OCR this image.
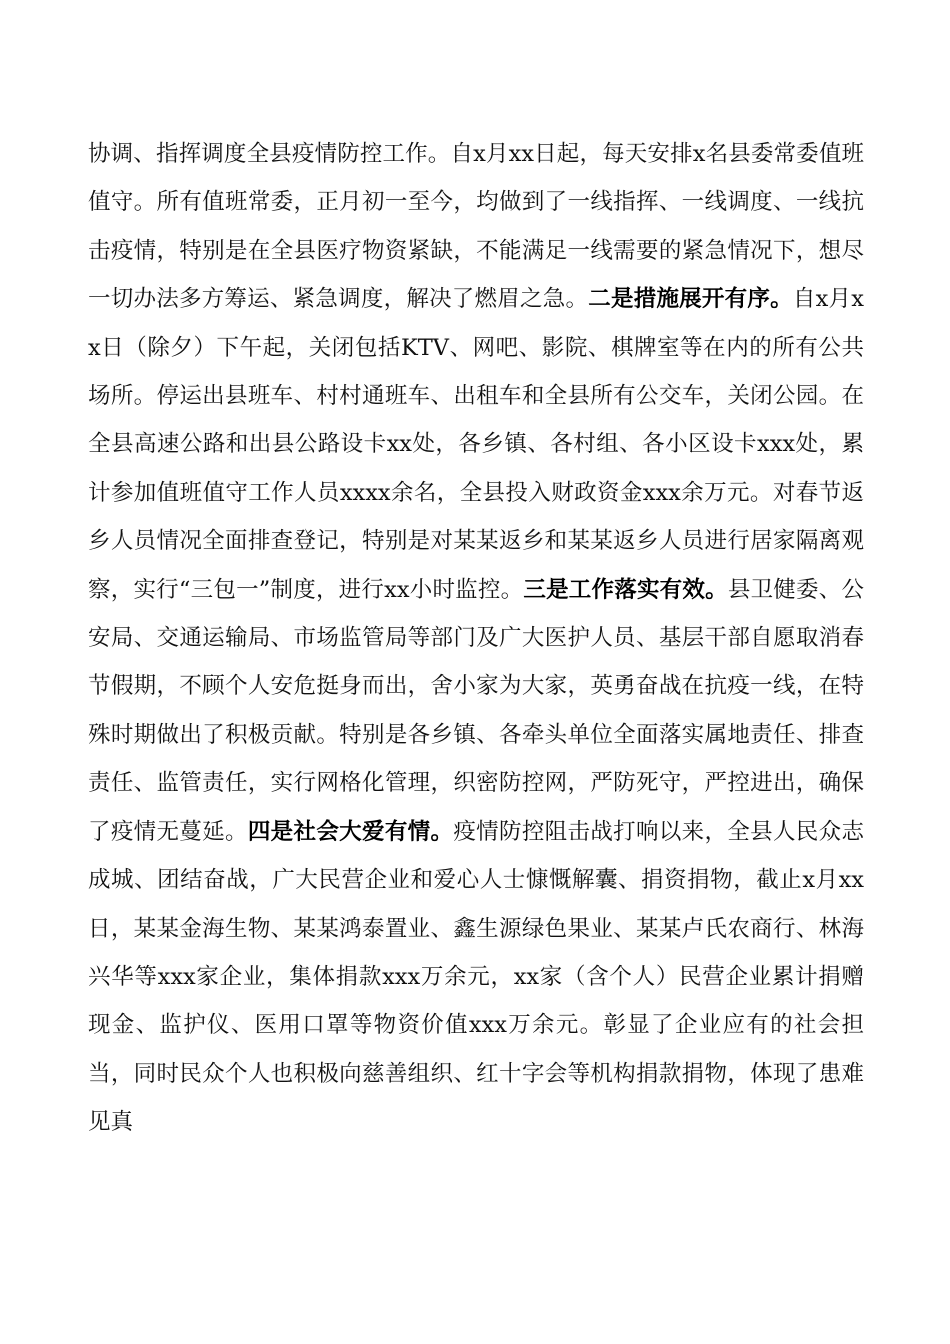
协调、指挥调度全县疫情防控工作。自x月xx日起，每天安排x名县委常委值班值守。所有值班常委，正月初一至今，均做到了一线指挥、一线调度、一线抗击疫情，特别是在全县医疗物资紧缺，不能满足一线需要的紧急情况下，想尽一切办法多方筹运、紧急调度，解决了燃眉之急。二是措施展开有序。自x月xx日（除夕）下午起，关闭包括KTV、网吧、影院、棋牌室等在内的所有公共场所。停运出县班车、村村通班车、出租车和全县所有公交车，关闭公园。在全县高速公路和出县公路设卡xx处，各乡镇、各村组、各小区设卡xxx处，累计参加值班值守工作人员xxxx余名，全县投入财政资金xxx余万元。对春节返乡人员情况全面排查登记，特别是对某某返乡和某某返乡人员进行居家隔离观察，实行“三包一”制度，进行xx小时监控。三是工作落实有效。县卫健委、公安局、交通运输局、市场监管局等部门及广大医护人员、基层干部自愿取消春节假期，不顾个人安危挺身而出，舍小家为大家，英勇奋战在抗疫一线，在特殊时期做出了积极贡献。特别是各乡镇、各牵头单位全面落实属地责任、排查责任、监管责任，实行网格化管理，织密防控网，严防死守，严控进出，确保了疫情无蔓延。四是社会大爱有情。疫情防控阻击战打响以来，全县人民众志成城、团结奋战，广大民营企业和爱心人士慷慨解囊、捐资捐物，截止x月xx日，某某金海生物、某某鸿泰置业、鑫生源绿色果业、某某卢氏农商行、林海兴华等xxx家企业，集体捐款xxx万余元，xx家（含个人）民营企业累计捐赠现金、监护仪、医用口罩等物资价值xxx万余元。彰显了企业应有的社会担当，同时民众个人也积极向慈善组织、红十字会等机构捐款捐物，体现了患难见真
